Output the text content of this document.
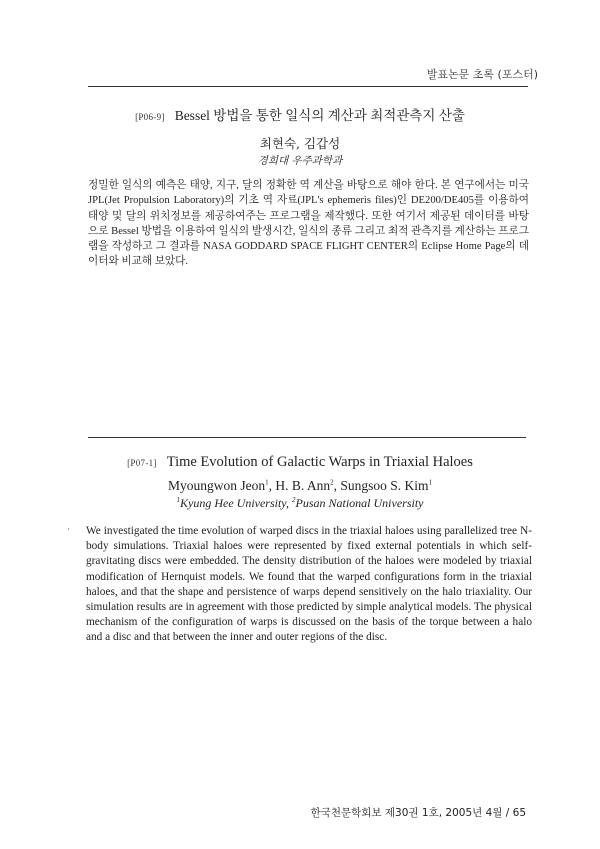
발표논문 초록 (포스터)
[P06-9] Bessel 방법을 통한 일식의 계산과 최적관측지 산출
최현숙, 김갑성
경희대 우주과학과
정밀한 일식의 예측은 태양, 지구, 달의 정확한 역 계산을 바탕으로 해야 한다. 본 연구에서는 미국 JPL(Jet Propulsion Laboratory)의 기초 역 자료(JPL's ephemeris files)인 DE200/DE405를 이용하여 태양 및 달의 위치정보를 제공하여주는 프로그램을 제작했다. 또한 여기서 제공된 데이터를 바탕으로 Bessel 방법을 이용하여 일식의 발생시간, 일식의 종류 그리고 최적 관측지를 계산하는 프로그램을 작성하고 그 결과를 NASA GODDARD SPACE FLIGHT CENTER의 Eclipse Home Page의 데이터와 비교해 보았다.
[P07-1] Time Evolution of Galactic Warps in Triaxial Haloes
Myoungwon Jeon$^1$, H. B. Ann$^2$, Sungsoo S. Kim$^1$
$^1$Kyung Hee University, $^2$Pusan National University
· We investigated the time evolution of warped discs in the triaxial haloes using parallelized tree N-body simulations. Triaxial haloes were represented by fixed external potentials in which self-gravitating discs were embedded. The density distribution of the haloes were modeled by triaxial modification of Hernquist models. We found that the warped configurations form in the triaxial haloes, and that the shape and persistence of warps depend sensitively on the halo triaxiality. Our simulation results are in agreement with those predicted by simple analytical models. The physical mechanism of the configuration of warps is discussed on the basis of the torque between a halo and a disc and that between the inner and outer regions of the disc.
한국천문학회보 제30권 1호, 2005년 4월 / 65
